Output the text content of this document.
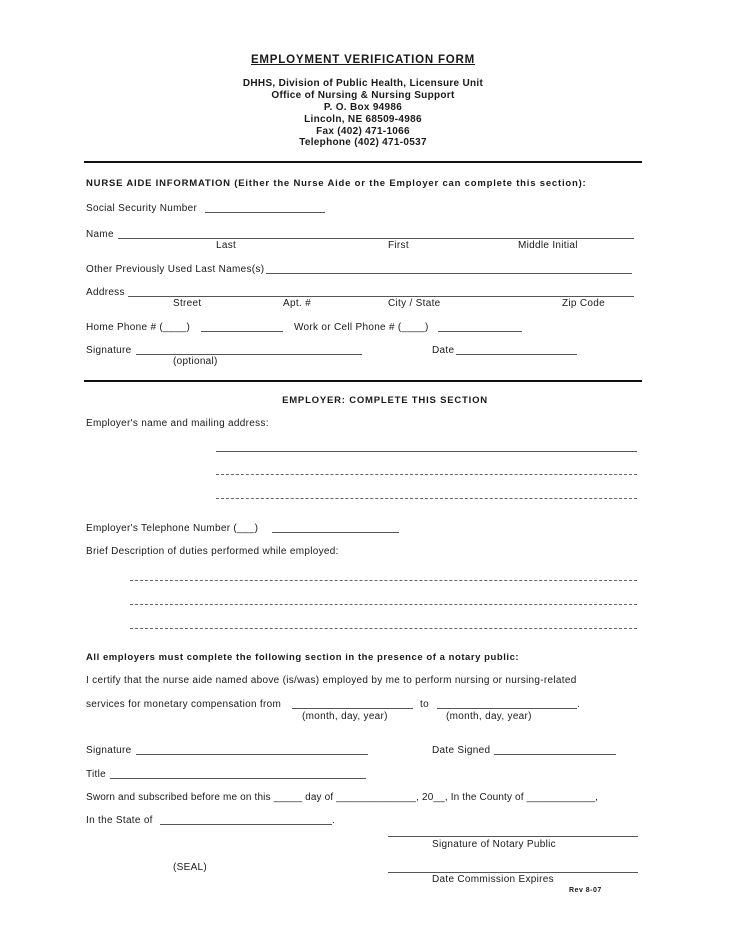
EMPLOYMENT VERIFICATION FORM
DHHS, Division of Public Health, Licensure Unit
Office of Nursing & Nursing Support
P. O. Box 94986
Lincoln, NE 68509-4986
Fax (402) 471-1066
Telephone (402) 471-0537
NURSE AIDE INFORMATION (Either the Nurse Aide or the Employer can complete this section):
Social Security Number
Name
Last	First	Middle Initial
Other Previously Used Last Names(s)
Address
Street	Apt. #	City / State	Zip Code
Home Phone # (____)	Work or Cell Phone # (____)
Signature
(optional)
Date
EMPLOYER: COMPLETE THIS SECTION
Employer's name and mailing address:
Employer's Telephone Number (___)
Brief Description of duties performed while employed:
All employers must complete the following section in the presence of a notary public:
I certify that the nurse aide named above (is/was) employed by me to perform nursing or nursing-related
services for monetary compensation from	to	.
(month, day, year)	(month, day, year)
Signature	Date Signed
Title
Sworn and subscribed before me on this _____ day of ______________, 20__, In the County of ____________,
In the State of	.
Signature of Notary Public
(SEAL)
Date Commission Expires
Rev 8-07
